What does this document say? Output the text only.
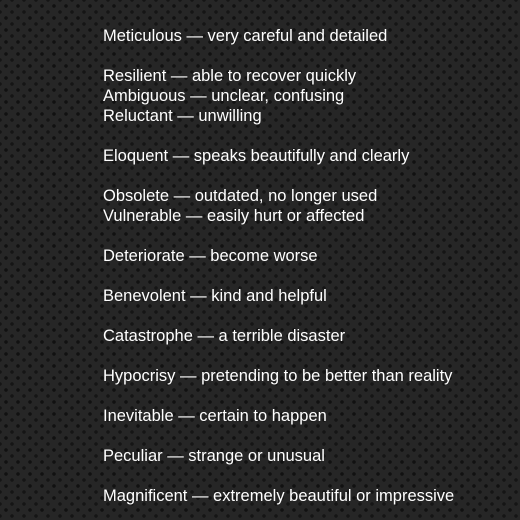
Meticulous — very careful and detailed
Resilient — able to recover quickly
Ambiguous — unclear, confusing
Reluctant — unwilling
Eloquent — speaks beautifully and clearly
Obsolete — outdated, no longer used
Vulnerable — easily hurt or affected
Deteriorate — become worse
Benevolent — kind and helpful
Catastrophe — a terrible disaster
Hypocrisy — pretending to be better than reality
Inevitable — certain to happen
Peculiar — strange or unusual
Magnificent — extremely beautiful or impressive
